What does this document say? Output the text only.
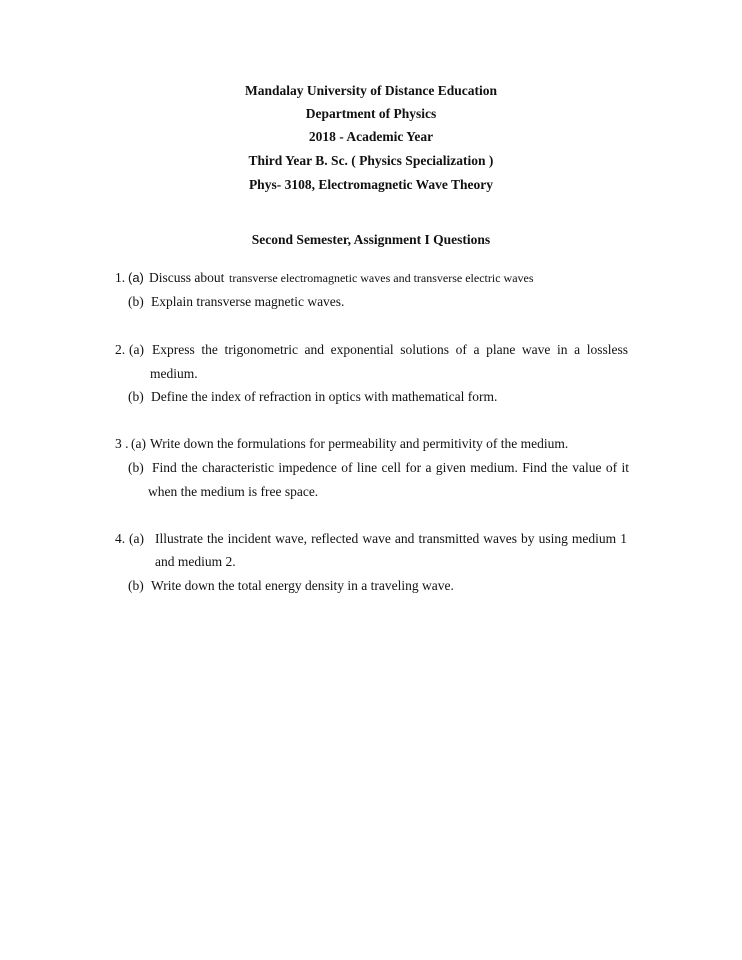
Mandalay University of Distance Education
Department of Physics
2018 - Academic Year
Third Year B. Sc. ( Physics Specialization )
Phys- 3108, Electromagnetic Wave Theory
Second Semester, Assignment I Questions
1. (a) Discuss about transverse electromagnetic waves and transverse electric waves
(b) Explain transverse magnetic waves.
2. (a) Express the trigonometric and exponential solutions of a plane wave in a lossless
medium.
(b) Define the index of refraction in optics with mathematical form.
3 . (a) Write down the formulations for permeability and permitivity of the medium.
(b) Find the characteristic impedence of line cell for a given medium. Find the value of it
when the medium is free space.
4. (a) Illustrate the incident wave, reflected wave and transmitted waves by using medium 1
and medium 2.
(b) Write down the total energy density in a traveling wave.
